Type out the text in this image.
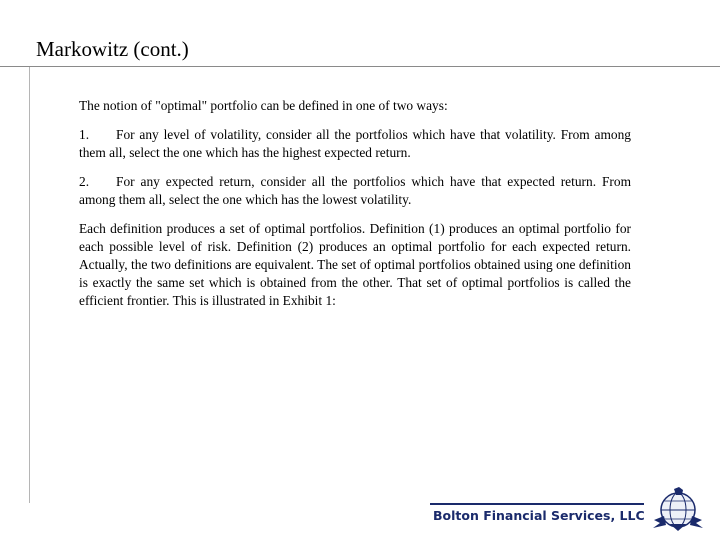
Markowitz (cont.)

The notion of "optimal" portfolio can be defined in one of two ways:

1. For any level of volatility, consider all the portfolios which have that volatility. From among them all, select the one which has the highest expected return.

2. For any expected return, consider all the portfolios which have that expected return. From among them all, select the one which has the lowest volatility.

Each definition produces a set of optimal portfolios. Definition (1) produces an optimal portfolio for each possible level of risk. Definition (2) produces an optimal portfolio for each expected return. Actually, the two definitions are equivalent. The set of optimal portfolios obtained using one definition is exactly the same set which is obtained from the other. That set of optimal portfolios is called the efficient frontier. This is illustrated in Exhibit 1:

Bolton Financial Services, LLC
